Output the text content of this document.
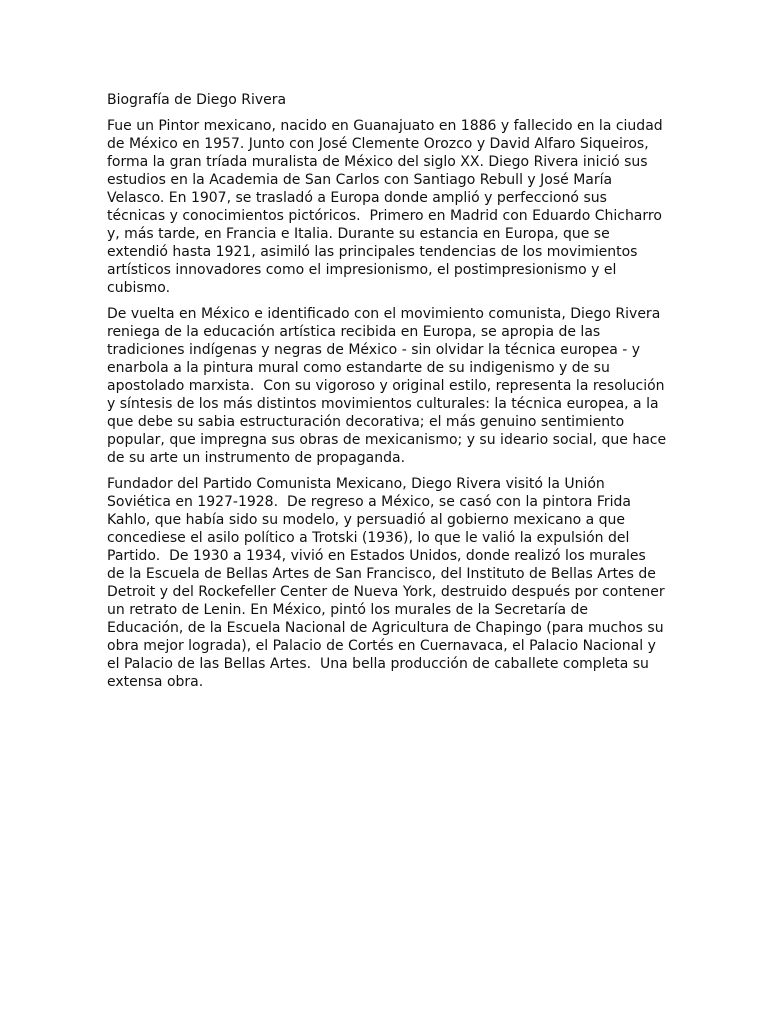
Biografía de Diego Rivera

Fue un Pintor mexicano, nacido en Guanajuato en 1886 y fallecido en la ciudad de México en 1957. Junto con José Clemente Orozco y David Alfaro Siqueiros, forma la gran tríada muralista de México del siglo XX. Diego Rivera inició sus estudios en la Academia de San Carlos con Santiago Rebull y José María Velasco. En 1907, se trasladó a Europa donde amplió y perfeccionó sus técnicas y conocimientos pictóricos.  Primero en Madrid con Eduardo Chicharro y, más tarde, en Francia e Italia. Durante su estancia en Europa, que se extendió hasta 1921, asimiló las principales tendencias de los movimientos artísticos innovadores como el impresionismo, el postimpresionismo y el cubismo.

De vuelta en México e identificado con el movimiento comunista, Diego Rivera reniega de la educación artística recibida en Europa, se apropia de las tradiciones indígenas y negras de México - sin olvidar la técnica europea - y enarbola a la pintura mural como estandarte de su indigenismo y de su apostolado marxista.  Con su vigoroso y original estilo, representa la resolución y síntesis de los más distintos movimientos culturales: la técnica europea, a la que debe su sabia estructuración decorativa; el más genuino sentimiento popular, que impregna sus obras de mexicanismo; y su ideario social, que hace de su arte un instrumento de propaganda.

Fundador del Partido Comunista Mexicano, Diego Rivera visitó la Unión Soviética en 1927-1928.  De regreso a México, se casó con la pintora Frida Kahlo, que había sido su modelo, y persuadió al gobierno mexicano a que concediese el asilo político a Trotski (1936), lo que le valió la expulsión del Partido.  De 1930 a 1934, vivió en Estados Unidos, donde realizó los murales de la Escuela de Bellas Artes de San Francisco, del Instituto de Bellas Artes de Detroit y del Rockefeller Center de Nueva York, destruido después por contener un retrato de Lenin. En México, pintó los murales de la Secretaría de Educación, de la Escuela Nacional de Agricultura de Chapingo (para muchos su obra mejor lograda), el Palacio de Cortés en Cuernavaca, el Palacio Nacional y el Palacio de las Bellas Artes.  Una bella producción de caballete completa su extensa obra.
